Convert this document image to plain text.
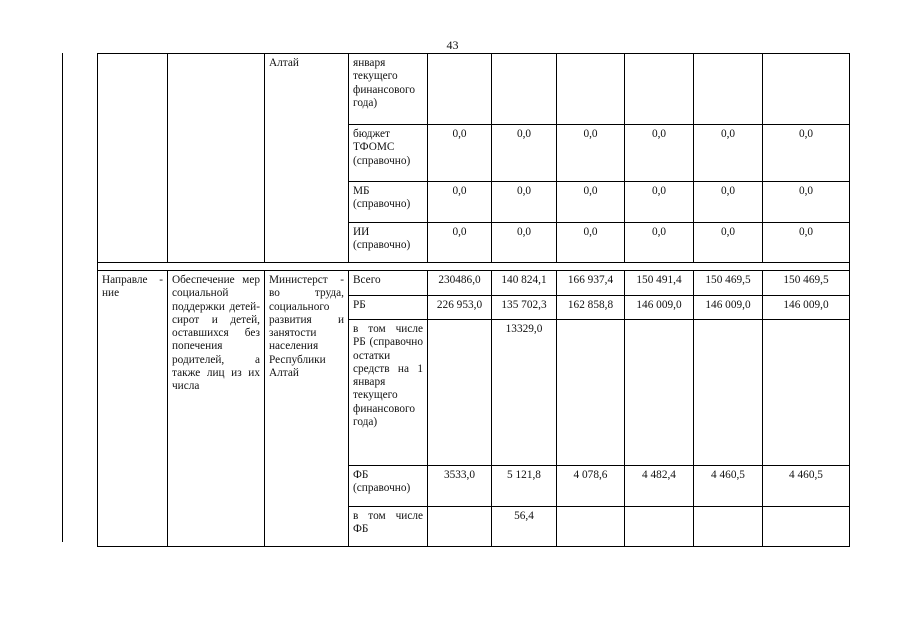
43
		Алтай	января текущего финансового года)						
			бюджет ТФОМС (справочно)	0,0	0,0	0,0	0,0	0,0	0,0
			МБ (справочно)	0,0	0,0	0,0	0,0	0,0	0,0
			ИИ (справочно)	0,0	0,0	0,0	0,0	0,0	0,0

Направле - ние	Обеспечение мер социальной поддержки детей-сирот и детей, оставшихся без попечения родителей, а также лиц из их числа	Министерст - во труда, социального развития и занятости населения Республики Алтай	Всего	230486,0	140 824,1	166 937,4	150 491,4	150 469,5	150 469,5
			РБ	226 953,0	135 702,3	162 858,8	146 009,0	146 009,0	146 009,0
			в том числе РБ (справочно остатки средств на 1 января текущего финансового года)		13329,0				
			ФБ (справочно)	3533,0	5 121,8	4 078,6	4 482,4	4 460,5	4 460,5
			в том числе ФБ		56,4				
